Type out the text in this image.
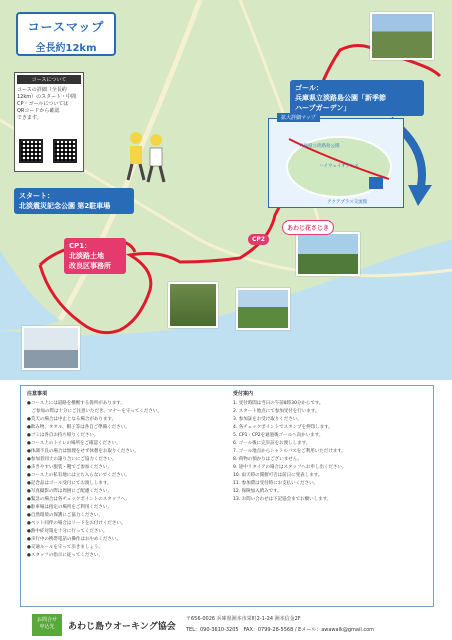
コースマップ
全長約12km
コースについて
コースの詳細（全長約
12km）のスタート・中間
CP・ゴールについては
QRコードから確認
できます。
スタート：
北淡震災記念公園 第2駐車場
ゴール：
兵庫県立淡路島公園「新季節
ハーブガーデン」
CP1：
北淡路土地
改良区事務所
CP2
あわじ花さじき
拡大詳細マップ
兵庫県立淡路島公園
ハイウェイオアシス
アクアプラス交流館
注意事項

●コース上には道路を横断する箇所があります。

　ご参加の際は十分にご注意いただき、マナーを守ってください。

●荒天の場合は中止となる場合があります。

●飲み物、タオル、帽子等は各自ご準備ください。

●ゴミは各自お持ち帰りください。

●コース上のトイレの場所をご確認ください。

●体調不良の場合は無理をせず休憩をお取りください。

●参加者同士の譲り合いにご協力ください。

●歩きやすい服装・靴でご参加ください。

●コース上の私有地には立ち入らないでください。

●記念品はゴール受付にてお渡しします。

●写真撮影の際は周囲にご配慮ください。

●緊急の場合は各チェックポイントのスタッフへ。

●駐車場は指定の場所をご利用ください。

●自然環境の保護にご協力ください。

●ペット同伴の場合はリードをお付けください。

●熱中症対策を十分に行ってください。

●歩行中の携帯電話の操作はおやめください。

●交通ルールを守って歩きましょう。

●スタッフの指示に従ってください。

受付案内

1. 受付時間は当日の午前8時30分からです。

2. スタート地点にて参加受付を行います。

3. 参加証をお受け取りください。

4. 各チェックポイントでスタンプを押印します。

5. CP1・CP2を通過後ゴールへ向かいます。

6. ゴール後に完歩証をお渡しします。

7. ゴール地点からシャトルバスをご利用いただけます。

8. 荷物の預かりはございません。

9. 途中リタイアの場合はスタッフへお申し出ください。

10. 雨天時の開催可否は前日に発表します。

11. 参加費は受付時にお支払いください。

12. 保険加入済みです。

13. お問い合わせは下記協会までお願いします。

お問合せ
申込先	あわじ島ウオーキング協会
〒656-0026 兵庫県洲本市栄町2-1-24 洲本信金2F
TEL：090-3610-3205　FAX：0799-28-5568 / Eメール：awawalk@gmail.com
